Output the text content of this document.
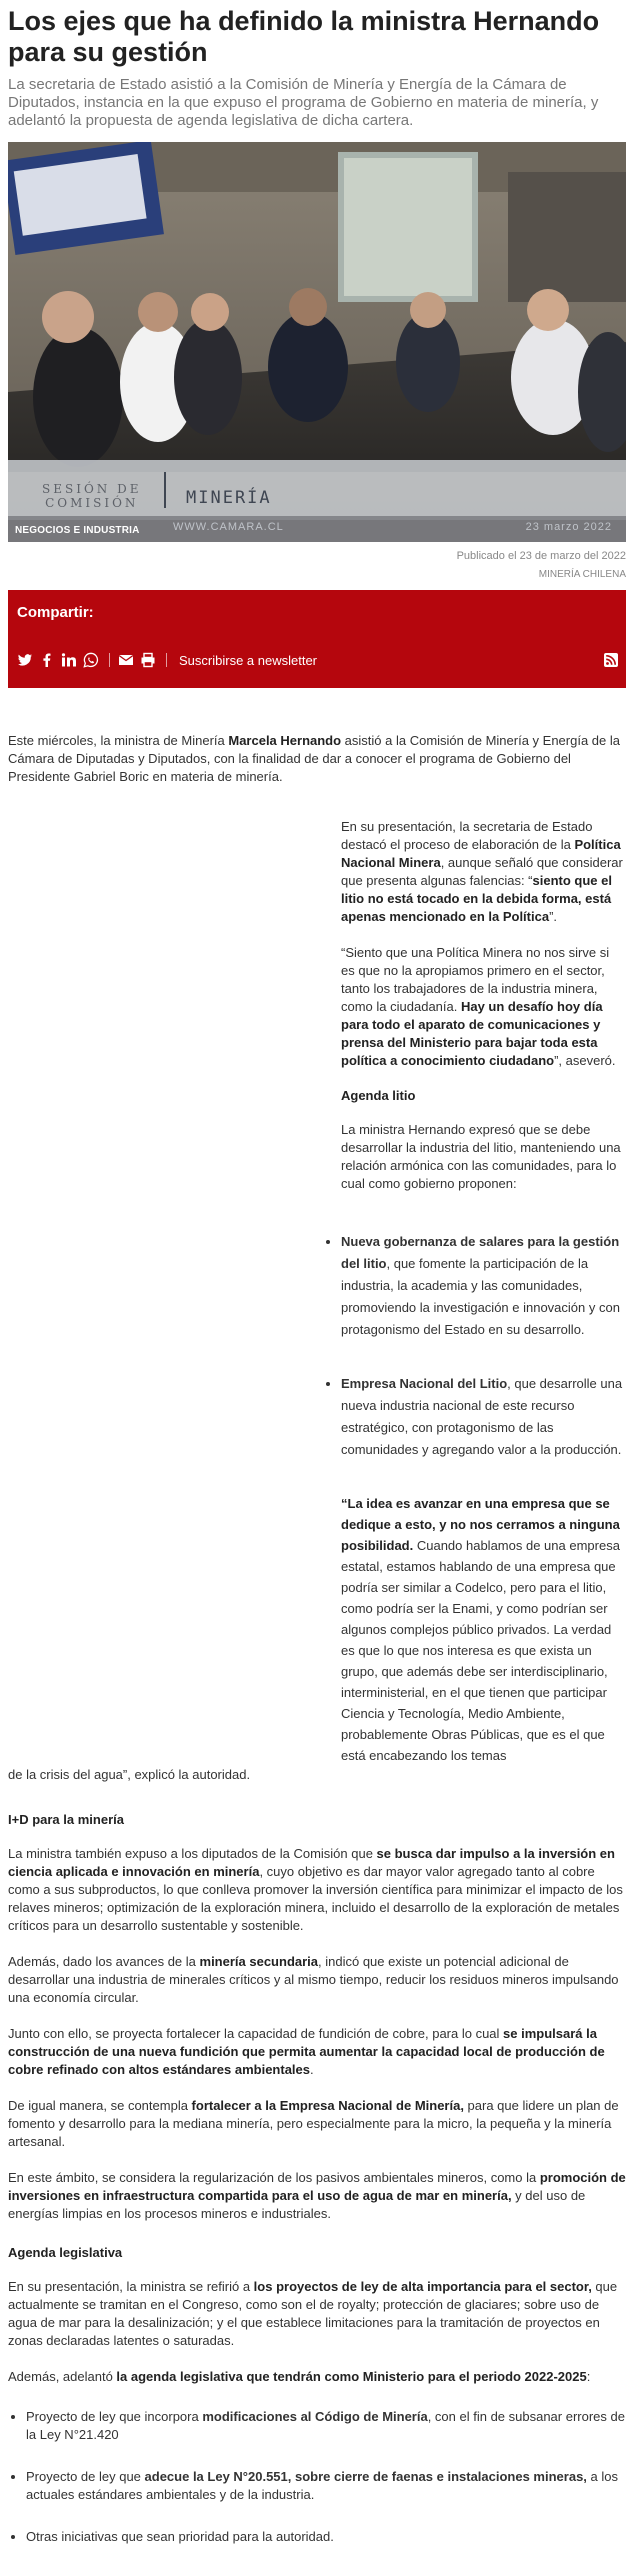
Los ejes que ha definido la ministra Hernando para su gestión

La secretaria de Estado asistió a la Comisión de Minería y Energía de la Cámara de Diputados, instancia en la que expuso el programa de Gobierno en materia de minería, y adelantó la propuesta de agenda legislativa de dicha cartera.

SESIÓN DE
COMISIÓN	MINERÍA
WWW.CAMARA.CL	23 marzo 2022
NEGOCIOS E INDUSTRIA
Publicado el 23 de marzo del 2022
MINERÍA CHILENA
Compartir:
Suscribirse a newsletter

Este miércoles, la ministra de Minería Marcela Hernando asistió a la Comisión de Minería y Energía de la Cámara de Diputadas y Diputados, con la finalidad de dar a conocer el programa de Gobierno del Presidente Gabriel Boric en materia de minería.

En su presentación, la secretaria de Estado destacó el proceso de elaboración de la Política Nacional Minera, aunque señaló que considerar que presenta algunas falencias: “siento que el litio no está tocado en la debida forma, está apenas mencionado en la Política”.

“Siento que una Política Minera no nos sirve si es que no la apropiamos primero en el sector, tanto los trabajadores de la industria minera, como la ciudadanía. Hay un desafío hoy día para todo el aparato de comunicaciones y prensa del Ministerio para bajar toda esta política a conocimiento ciudadano”, aseveró.

Agenda litio

La ministra Hernando expresó que se debe desarrollar la industria del litio, manteniendo una relación armónica con las comunidades, para lo cual como gobierno proponen:

• Nueva gobernanza de salares para la gestión del litio, que fomente la participación de la industria, la academia y las comunidades, promoviendo la investigación e innovación y con protagonismo del Estado en su desarrollo.
• Empresa Nacional del Litio, que desarrolle una nueva industria nacional de este recurso estratégico, con protagonismo de las comunidades y agregando valor a la producción.

“La idea es avanzar en una empresa que se dedique a esto, y no nos cerramos a ninguna posibilidad. Cuando hablamos de una empresa estatal, estamos hablando de una empresa que podría ser similar a Codelco, pero para el litio, como podría ser la Enami, y como podrían ser algunos complejos público privados. La verdad es que lo que nos interesa es que exista un grupo, que además debe ser interdisciplinario, interministerial, en el que tienen que participar Ciencia y Tecnología, Medio Ambiente, probablemente Obras Públicas, que es el que está encabezando los temas

de la crisis del agua”, explicó la autoridad.

I+D para la minería

La ministra también expuso a los diputados de la Comisión que se busca dar impulso a la inversión en ciencia aplicada e innovación en minería, cuyo objetivo es dar mayor valor agregado tanto al cobre como a sus subproductos, lo que conlleva promover la inversión científica para minimizar el impacto de los relaves mineros; optimización de la exploración minera, incluido el desarrollo de la exploración de metales críticos para un desarrollo sustentable y sostenible.

Además, dado los avances de la minería secundaria, indicó que existe un potencial adicional de desarrollar una industria de minerales críticos y al mismo tiempo, reducir los residuos mineros impulsando una economía circular.

Junto con ello, se proyecta fortalecer la capacidad de fundición de cobre, para lo cual se impulsará la construcción de una nueva fundición que permita aumentar la capacidad local de producción de cobre refinado con altos estándares ambientales.

De igual manera, se contempla fortalecer a la Empresa Nacional de Minería, para que lidere un plan de fomento y desarrollo para la mediana minería, pero especialmente para la micro, la pequeña y la minería artesanal.

En este ámbito, se considera la regularización de los pasivos ambientales mineros, como la promoción de inversiones en infraestructura compartida para el uso de agua de mar en minería, y del uso de energías limpias en los procesos mineros e industriales.

Agenda legislativa

En su presentación, la ministra se refirió a los proyectos de ley de alta importancia para el sector, que actualmente se tramitan en el Congreso, como son el de royalty; protección de glaciares; sobre uso de agua de mar para la desalinización; y el que establece limitaciones para la tramitación de proyectos en zonas declaradas latentes o saturadas.

Además, adelantó la agenda legislativa que tendrán como Ministerio para el periodo 2022-2025:

• Proyecto de ley que incorpora modificaciones al Código de Minería, con el fin de subsanar errores de la Ley N°21.420
• Proyecto de ley que adecue la Ley N°20.551, sobre cierre de faenas e instalaciones mineras, a los actuales estándares ambientales y de la industria.
• Otras iniciativas que sean prioridad para la autoridad.
